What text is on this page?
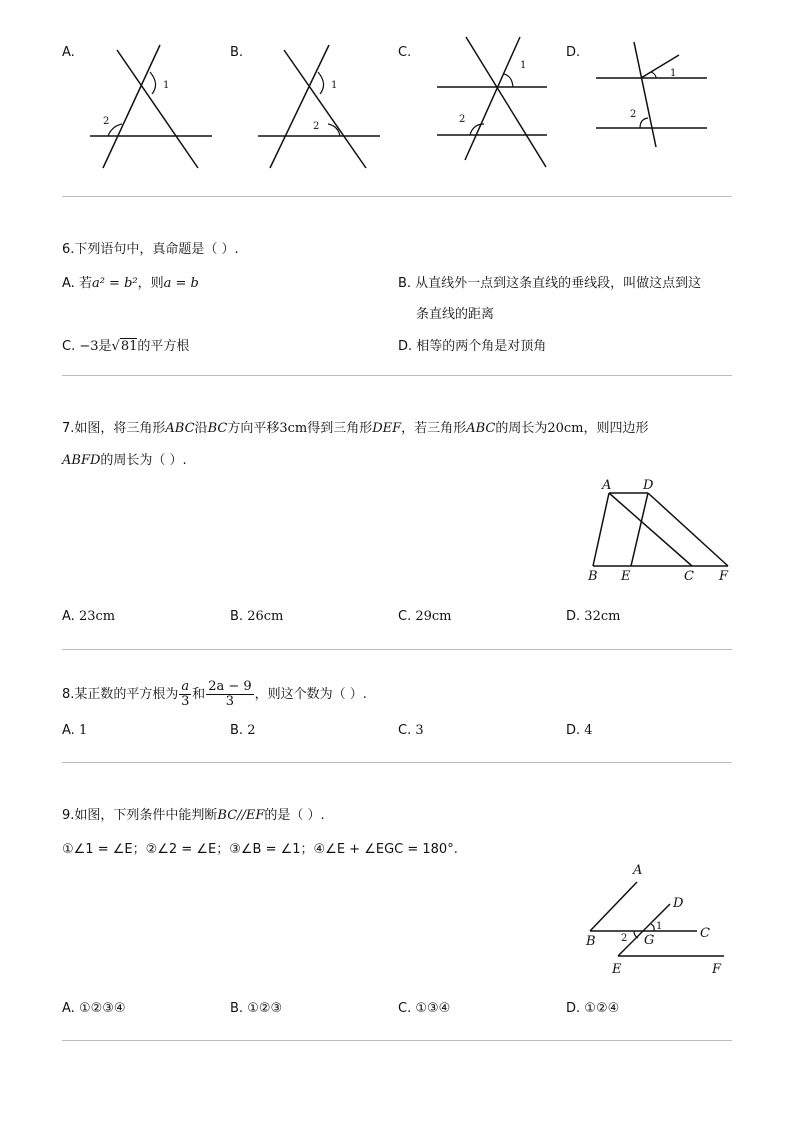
A.	B.	C.	D.
1
2
1
2
1
2
1
2
6.下列语句中，真命题是（ ）.
A. 若a² = b²，则a = b	B. 从直线外一点到这条直线的垂线段，叫做这点到这
条直线的距离
C. −3是√81的平方根	D. 相等的两个角是对顶角
7.如图，将三角形ABC沿BC方向平移3cm得到三角形DEF，若三角形ABC的周长为20cm，则四边形
ABFD的周长为（ ）.
A D
B E	C F
A. 23cm	B. 26cm	C. 29cm	D. 32cm
8.某正数的平方根为 $\frac{a}{3}$ 和 $\frac{2a - 9}{3}$ ，则这个数为（ ）.
A. 1	B. 2	C. 3	D. 4
9.如图，下列条件中能判断BC//EF的是（ ）.
①∠1 = ∠E；②∠2 = ∠E；③∠B = ∠1；④∠E + ∠EGC = 180°.
A
D
C
B	G
E	F
1
2
A. ①②③④	B. ①②③	C. ①③④	D. ①②④
